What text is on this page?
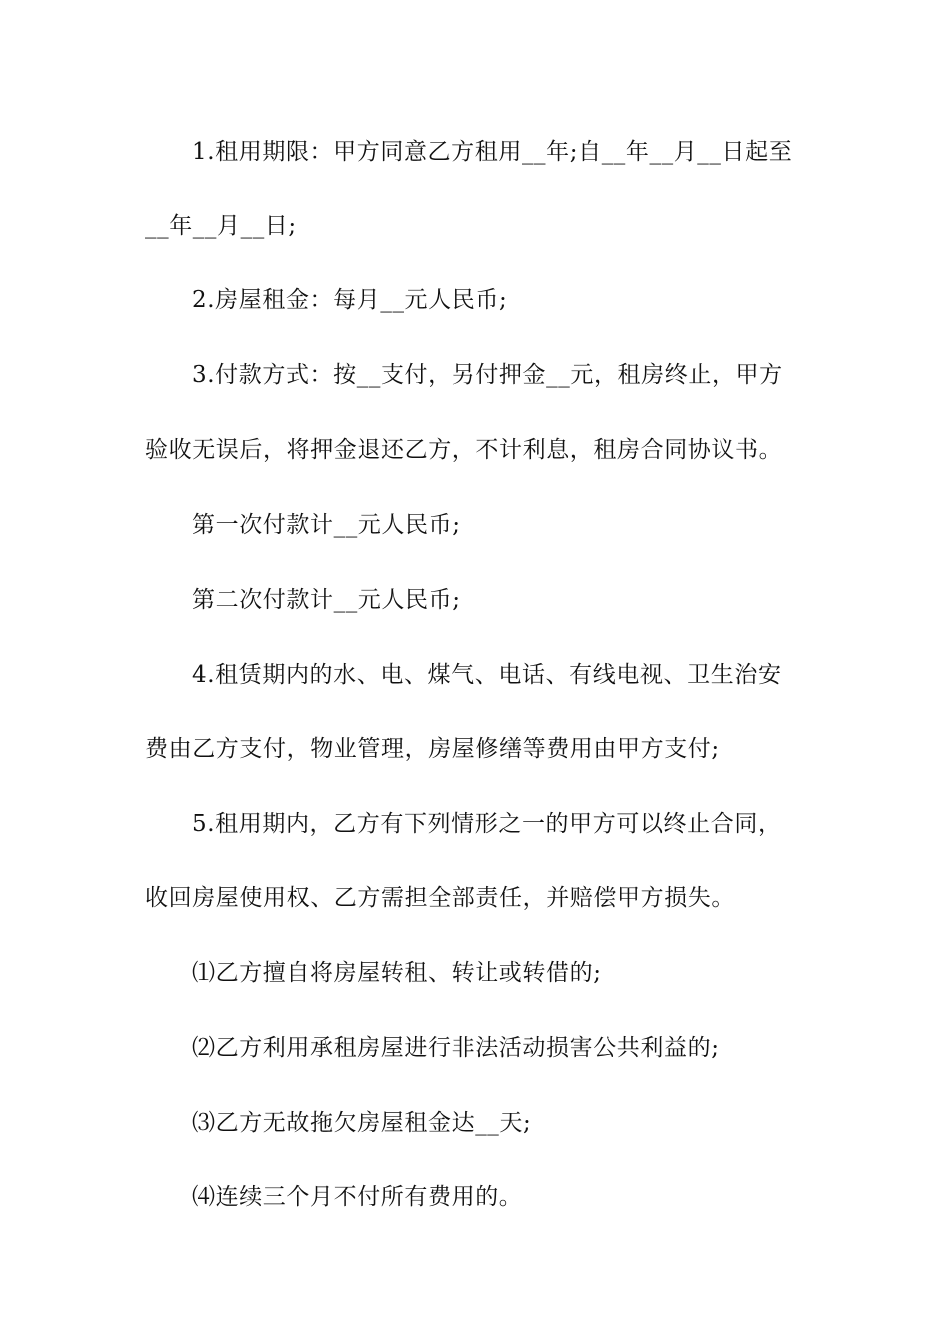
1.租用期限：甲方同意乙方租用__年;自__年__月__日起至
__年__月__日;
2.房屋租金：每月__元人民币;
3.付款方式：按__支付，另付押金__元，租房终止，甲方
验收无误后，将押金退还乙方，不计利息，租房合同协议书。
第一次付款计__元人民币;
第二次付款计__元人民币;
4.租赁期内的水、电、煤气、电话、有线电视、卫生治安
费由乙方支付，物业管理，房屋修缮等费用由甲方支付;
5.租用期内，乙方有下列情形之一的甲方可以终止合同，
收回房屋使用权、乙方需担全部责任，并赔偿甲方损失。
⑴乙方擅自将房屋转租、转让或转借的;
⑵乙方利用承租房屋进行非法活动损害公共利益的;
⑶乙方无故拖欠房屋租金达__天;
⑷连续三个月不付所有费用的。
